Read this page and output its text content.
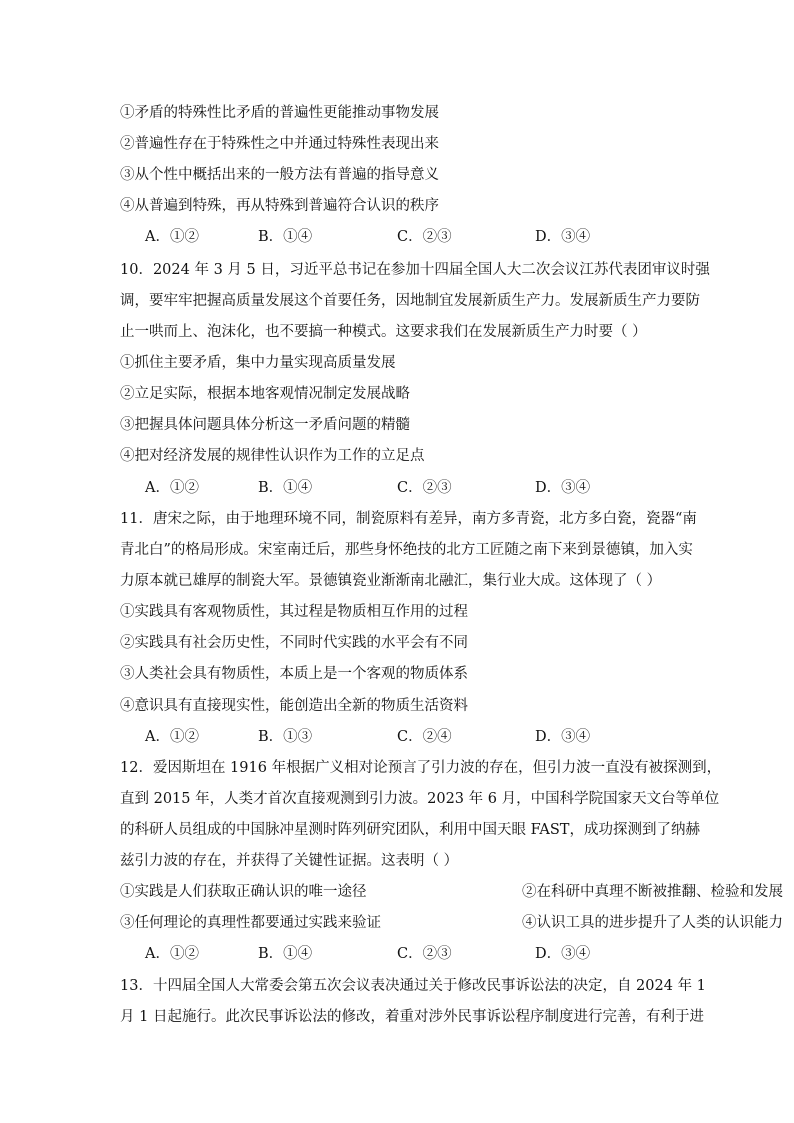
①矛盾的特殊性比矛盾的普遍性更能推动事物发展
②普遍性存在于特殊性之中并通过特殊性表现出来
③从个性中概括出来的一般方法有普遍的指导意义
④从普遍到特殊，再从特殊到普遍符合认识的秩序
A．①②	B．①④	C．②③	D．③④
10．2024 年 3 月 5 日，习近平总书记在参加十四届全国人大二次会议江苏代表团审议时强
调，要牢牢把握高质量发展这个首要任务，因地制宜发展新质生产力。发展新质生产力要防
止一哄而上、泡沫化，也不要搞一种模式。这要求我们在发展新质生产力时要（ ）
①抓住主要矛盾，集中力量实现高质量发展
②立足实际，根据本地客观情况制定发展战略
③把握具体问题具体分析这一矛盾问题的精髓
④把对经济发展的规律性认识作为工作的立足点
A．①②	B．①④	C．②③	D．③④
11．唐宋之际，由于地理环境不同，制瓷原料有差异，南方多青瓷，北方多白瓷，瓷器“南
青北白”的格局形成。宋室南迁后，那些身怀绝技的北方工匠随之南下来到景德镇，加入实
力原本就已雄厚的制瓷大军。景德镇瓷业渐渐南北融汇，集行业大成。这体现了（ ）
①实践具有客观物质性，其过程是物质相互作用的过程
②实践具有社会历史性，不同时代实践的水平会有不同
③人类社会具有物质性，本质上是一个客观的物质体系
④意识具有直接现实性，能创造出全新的物质生活资料
A．①②	B．①③	C．②④	D．③④
12．爱因斯坦在 1916 年根据广义相对论预言了引力波的存在，但引力波一直没有被探测到，
直到 2015 年，人类才首次直接观测到引力波。2023 年 6 月，中国科学院国家天文台等单位
的科研人员组成的中国脉冲星测时阵列研究团队，利用中国天眼 FAST，成功探测到了纳赫
兹引力波的存在，并获得了关键性证据。这表明（ ）
①实践是人们获取正确认识的唯一途径	②在科研中真理不断被推翻、检验和发展
③任何理论的真理性都要通过实践来验证	④认识工具的进步提升了人类的认识能力
A．①②	B．①④	C．②③	D．③④
13．十四届全国人大常委会第五次会议表决通过关于修改民事诉讼法的决定，自 2024 年 1
月 1 日起施行。此次民事诉讼法的修改，着重对涉外民事诉讼程序制度进行完善，有利于进
